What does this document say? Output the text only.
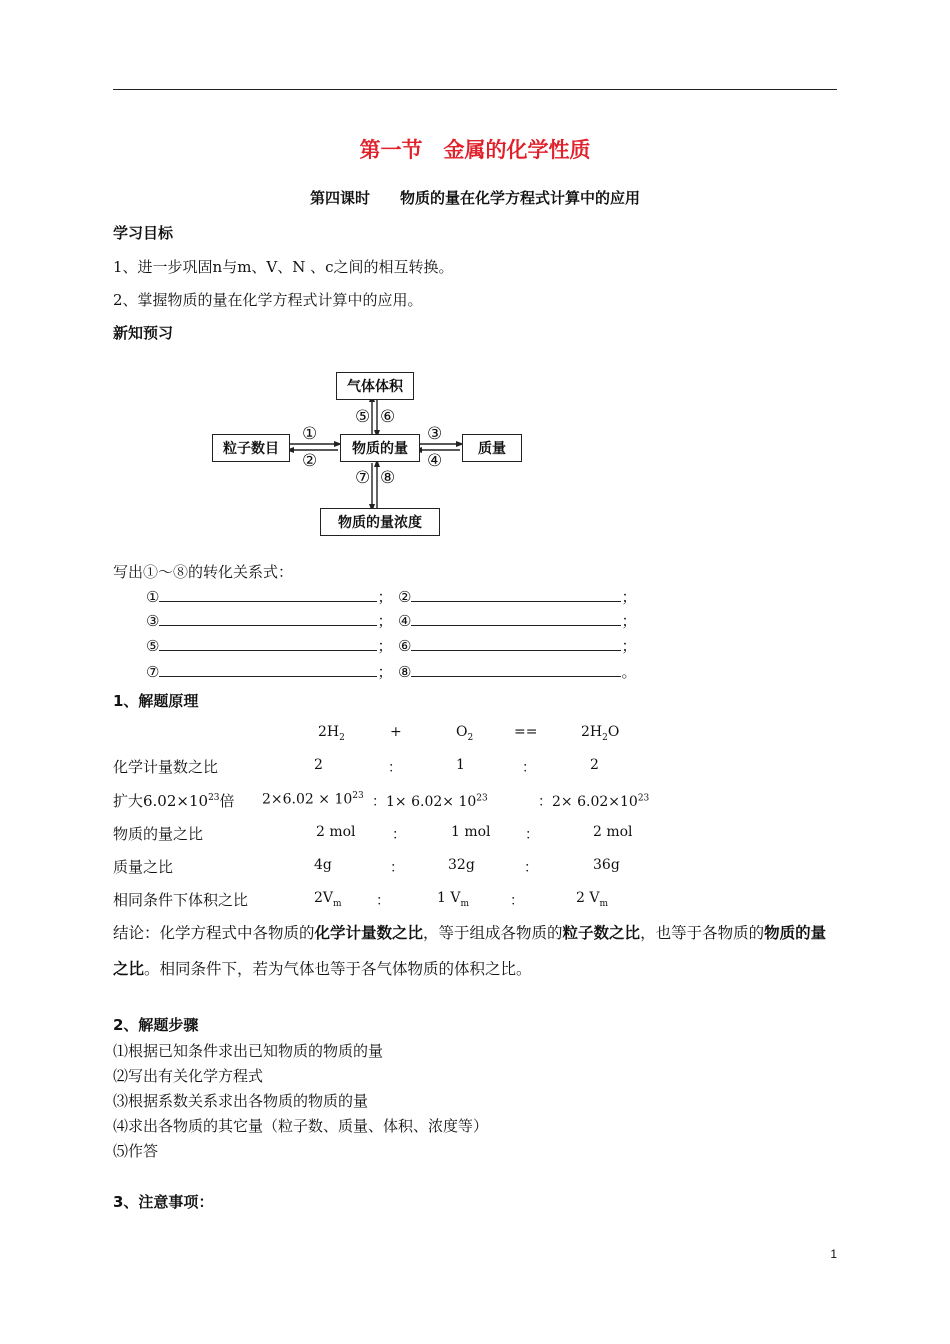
第一节　金属的化学性质
第四课时　　物质的量在化学方程式计算中的应用
学习目标
1、进一步巩固n与m、V、N 、c之间的相互转换。
2、掌握物质的量在化学方程式计算中的应用。
新知预习
气体体积
粒子数目	物质的量	质量
物质的量浓度
①
②
③
④
⑤ ⑥
⑦ ⑧
写出①～⑧的转化关系式：
①	； ②	；
③	； ④	；
⑤	； ⑥	；
⑦	； ⑧	。
1、解题原理
$2H_2$	+	$O_2$	==	$2H_2O$
化学计量数之比	2	：	1	：	2
扩大$6.02\times 10^{23}$倍 $2\times 6.02 \times 10^{23}$ ：$1\times 6.02\times 10^{23}$	：$2\times 6.02\times 10^{23}$
物质的量之比	2 mol	：	1 mol ：	2 mol
质量之比	4g	：	32g	：	36g
相同条件下体积之比	$2V_m$ ：	1 $V_m$	：	2 $V_m$
结论：化学方程式中各物质的化学计量数之比，等于组成各物质的粒子数之比，也等于各物质的物质的量之比。相同条件下，若为气体也等于各气体物质的体积之比。
2、解题步骤
⑴根据已知条件求出已知物质的物质的量
⑵写出有关化学方程式
⑶根据系数关系求出各物质的物质的量
⑷求出各物质的其它量（粒子数、质量、体积、浓度等）
⑸作答
3、注意事项：
1
